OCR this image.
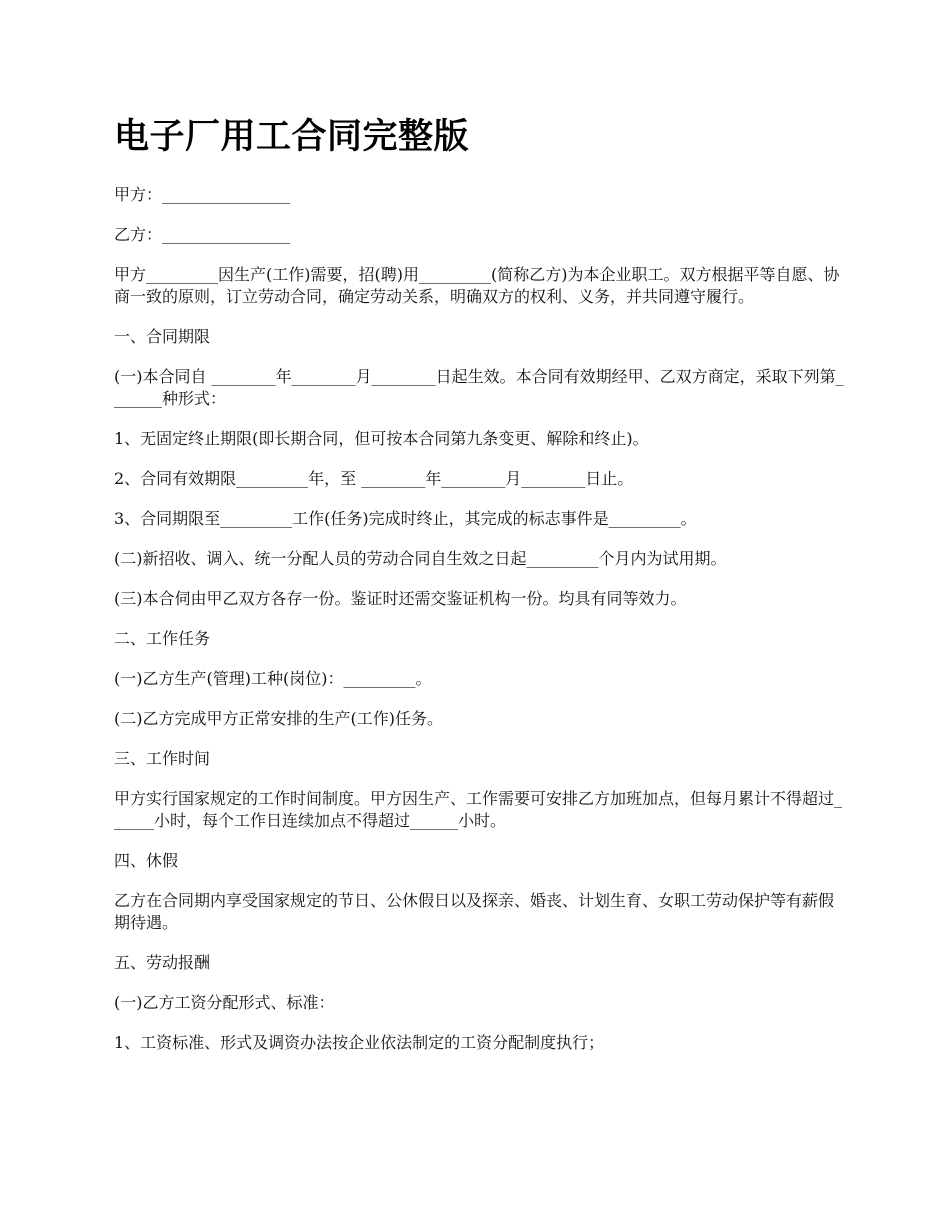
电子厂用工合同完整版

甲方：________________

乙方：________________

甲方_________因生产(工作)需要，招(聘)用_________(简称乙方)为本企业职工。双方根据平等自愿、协商一致的原则，订立劳动合同，确定劳动关系，明确双方的权利、义务，并共同遵守履行。

一、合同期限

(一)本合同自 ________年________月________日起生效。本合同有效期经甲、乙双方商定，采取下列第_______种形式：

1、无固定终止期限(即长期合同，但可按本合同第九条变更、解除和终止)。

2、合同有效期限_________年，至 ________年________月________日止。

3、合同期限至_________工作(任务)完成时终止，其完成的标志事件是_________。

(二)新招收、调入、统一分配人员的劳动合同自生效之日起_________个月内为试用期。

(三)本合伺由甲乙双方各存一份。鉴证时还需交鉴证机构一份。均具有同等效力。

二、工作任务

(一)乙方生产(管理)工种(岗位)：_________。

(二)乙方完成甲方正常安排的生产(工作)任务。

三、工作时间

甲方实行国家规定的工作时间制度。甲方因生产、工作需要可安排乙方加班加点，但每月累计不得超过______小时，每个工作日连续加点不得超过______小时。

四、休假

乙方在合同期内享受国家规定的节日、公休假日以及探亲、婚丧、计划生育、女职工劳动保护等有薪假期待遇。

五、劳动报酬

(一)乙方工资分配形式、标准：

1、工资标准、形式及调资办法按企业依法制定的工资分配制度执行；
